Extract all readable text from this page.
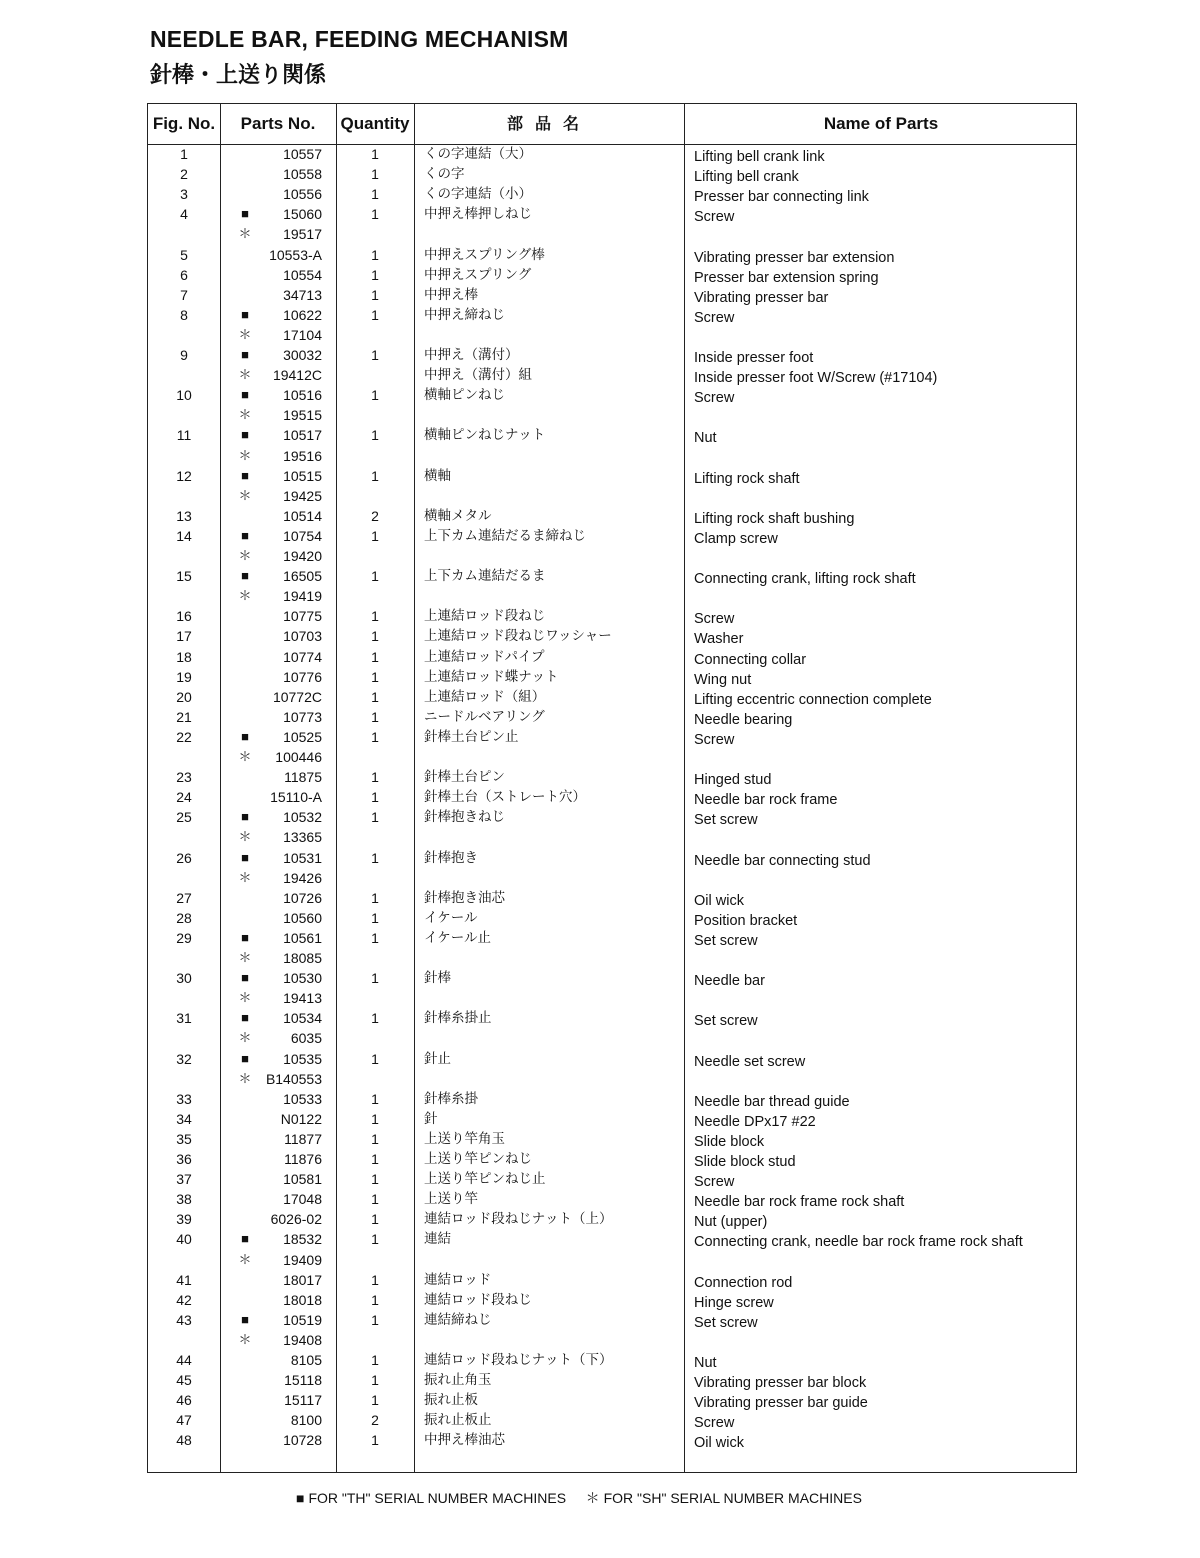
NEEDLE BAR, FEEDING MECHANISM
針棒・上送り関係
Fig. No.	Parts No.	Quantity	部品名	Name of Parts
1	10557	1	くの字連結（大）	Lifting bell crank link
2	10558	1	くの字	Lifting bell crank
3	10556	1	くの字連結（小）	Presser bar connecting link
4	■	15060	1	中押え棒押しねじ	Screw
＊	19517
5	10553-A	1	中押えスプリング棒	Vibrating presser bar extension
6	10554	1	中押えスプリング	Presser bar extension spring
7	34713	1	中押え棒	Vibrating presser bar
8	■	10622	1	中押え締ねじ	Screw
＊	17104
9	■	30032	1	中押え（溝付）	Inside presser foot
＊	19412C	中押え（溝付）組	Inside presser foot W/Screw (#17104)
10	■	10516	1	横軸ピンねじ	Screw
＊	19515
11	■	10517	1	横軸ピンねじナット	Nut
＊	19516
12	■	10515	1	横軸	Lifting rock shaft
＊	19425
13	10514	2	横軸メタル	Lifting rock shaft bushing
14	■	10754	1	上下カム連結だるま締ねじ	Clamp screw
＊	19420
15	■	16505	1	上下カム連結だるま	Connecting crank, lifting rock shaft
＊	19419
16	10775	1	上連結ロッド段ねじ	Screw
17	10703	1	上連結ロッド段ねじワッシャー	Washer
18	10774	1	上連結ロッドパイプ	Connecting collar
19	10776	1	上連結ロッド蝶ナット	Wing nut
20	10772C	1	上連結ロッド（組）	Lifting eccentric connection complete
21	10773	1	ニードルベアリング	Needle bearing
22	■	10525	1	針棒土台ピン止	Screw
＊	100446
23	11875	1	針棒土台ピン	Hinged stud
24	15110-A	1	針棒土台（ストレート穴）	Needle bar rock frame
25	■	10532	1	針棒抱きねじ	Set screw
＊	13365
26	■	10531	1	針棒抱き	Needle bar connecting stud
＊	19426
27	10726	1	針棒抱き油芯	Oil wick
28	10560	1	イケール	Position bracket
29	■	10561	1	イケール止	Set screw
＊	18085
30	■	10530	1	針棒	Needle bar
＊	19413
31	■	10534	1	針棒糸掛止	Set screw
＊	6035
32	■	10535	1	針止	Needle set screw
＊	B140553
33	10533	1	針棒糸掛	Needle bar thread guide
34	N0122	1	針	Needle DPx17 #22
35	11877	1	上送り竿角玉	Slide block
36	11876	1	上送り竿ピンねじ	Slide block stud
37	10581	1	上送り竿ピンねじ止	Screw
38	17048	1	上送り竿	Needle bar rock frame rock shaft
39	6026-02	1	連結ロッド段ねじナット（上）	Nut (upper)
40	■	18532	1	連結	Connecting crank, needle bar rock frame rock shaft
＊	19409
41	18017	1	連結ロッド	Connection rod
42	18018	1	連結ロッド段ねじ	Hinge screw
43	■	10519	1	連結締ねじ	Set screw
＊	19408
44	8105	1	連結ロッド段ねじナット（下）	Nut
45	15118	1	振れ止角玉	Vibrating presser bar block
46	15117	1	振れ止板	Vibrating presser bar guide
47	8100	2	振れ止板止	Screw
48	10728	1	中押え棒油芯	Oil wick
■ FOR "TH" SERIAL NUMBER MACHINES ＊ FOR "SH" SERIAL NUMBER MACHINES
